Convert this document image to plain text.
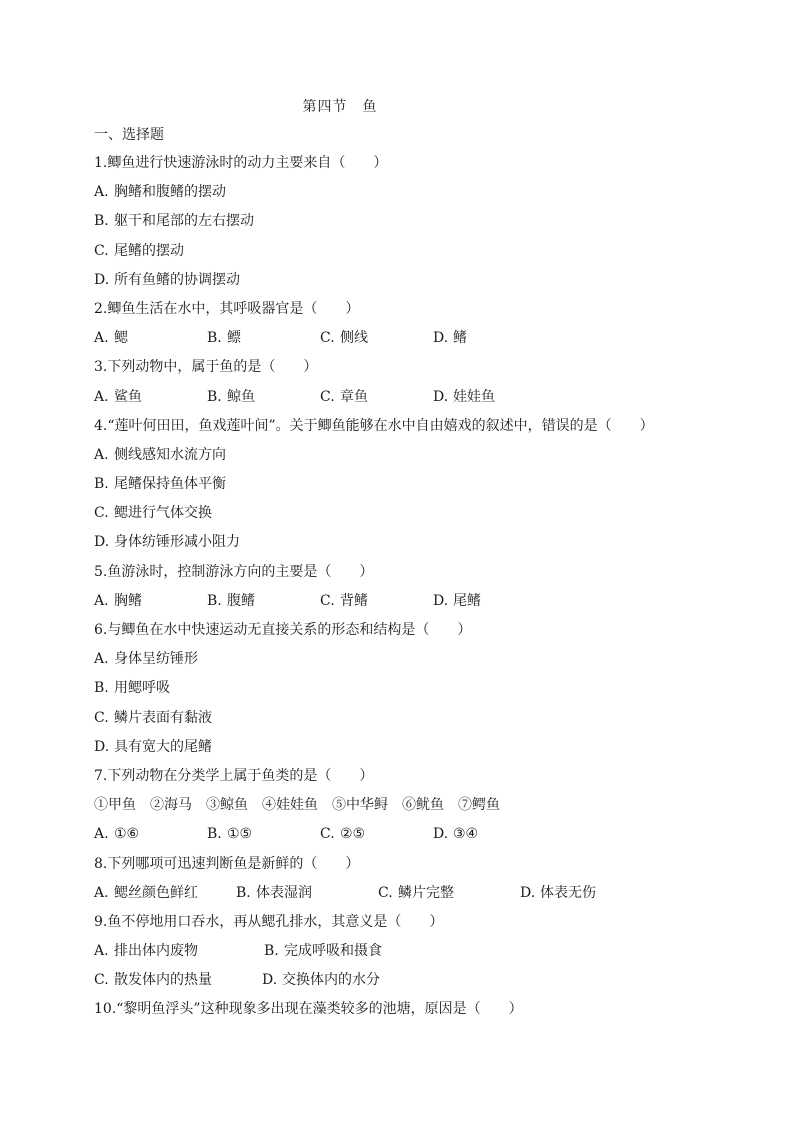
第四节　鱼
一、选择题
1.鲫鱼进行快速游泳时的动力主要来自（　　）
A. 胸鳍和腹鳍的摆动
B. 躯干和尾部的左右摆动
C. 尾鳍的摆动
D. 所有鱼鳍的协调摆动
2.鲫鱼生活在水中，其呼吸器官是（　　）
A. 鳃	B. 鳔	C. 侧线	D. 鳍
3.下列动物中，属于鱼的是（　　）
A. 鲨鱼	B. 鲸鱼	C. 章鱼	D. 娃娃鱼
4.“莲叶何田田，鱼戏莲叶间”。关于鲫鱼能够在水中自由嬉戏的叙述中，错误的是（　　）
A. 侧线感知水流方向
B. 尾鳍保持鱼体平衡
C. 鳃进行气体交换
D. 身体纺锤形减小阻力
5.鱼游泳时，控制游泳方向的主要是（　　）
A. 胸鳍	B. 腹鳍	C. 背鳍	D. 尾鳍
6.与鲫鱼在水中快速运动无直接关系的形态和结构是（　　）
A. 身体呈纺锤形
B. 用鳃呼吸
C. 鳞片表面有黏液
D. 具有宽大的尾鳍
7.下列动物在分类学上属于鱼类的是（　　）
①甲鱼　②海马　③鲸鱼　④娃娃鱼　⑤中华鲟　⑥鱿鱼　⑦鳄鱼
A. ①⑥	B. ①⑤	C. ②⑤	D. ③④
8.下列哪项可迅速判断鱼是新鲜的（　　）
A. 鳃丝颜色鲜红	B. 体表湿润	C. 鳞片完整	D. 体表无伤
9.鱼不停地用口吞水，再从鳃孔排水，其意义是（　　）
A. 排出体内废物	B. 完成呼吸和摄食
C. 散发体内的热量	D. 交换体内的水分
10.“黎明鱼浮头”这种现象多出现在藻类较多的池塘，原因是（　　）
